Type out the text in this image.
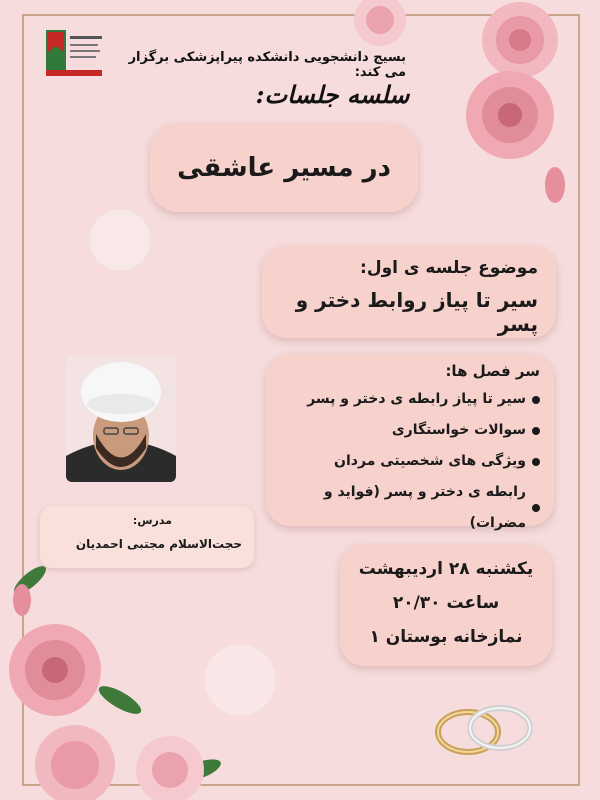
بسیج دانشجویی دانشکده پیراپزشکی برگزار می کند:
سلسه جلسات:
در مسیر عاشقی
موضوع جلسه ی اول:
سیر تا پیاز روابط دختر و پسر
سر فصل ها:
سیر تا پیاز رابطه ی دختر و پسر
سوالات خواستگاری
ویژگی های شخصیتی مردان
رابطه ی دختر و پسر (فواید و مضرات)
مدرس:
حجت‌الاسلام مجتبی احمدیان
یکشنبه ۲۸ اردیبهشت
ساعت ۲۰/۳۰
نمازخانه بوستان ۱
